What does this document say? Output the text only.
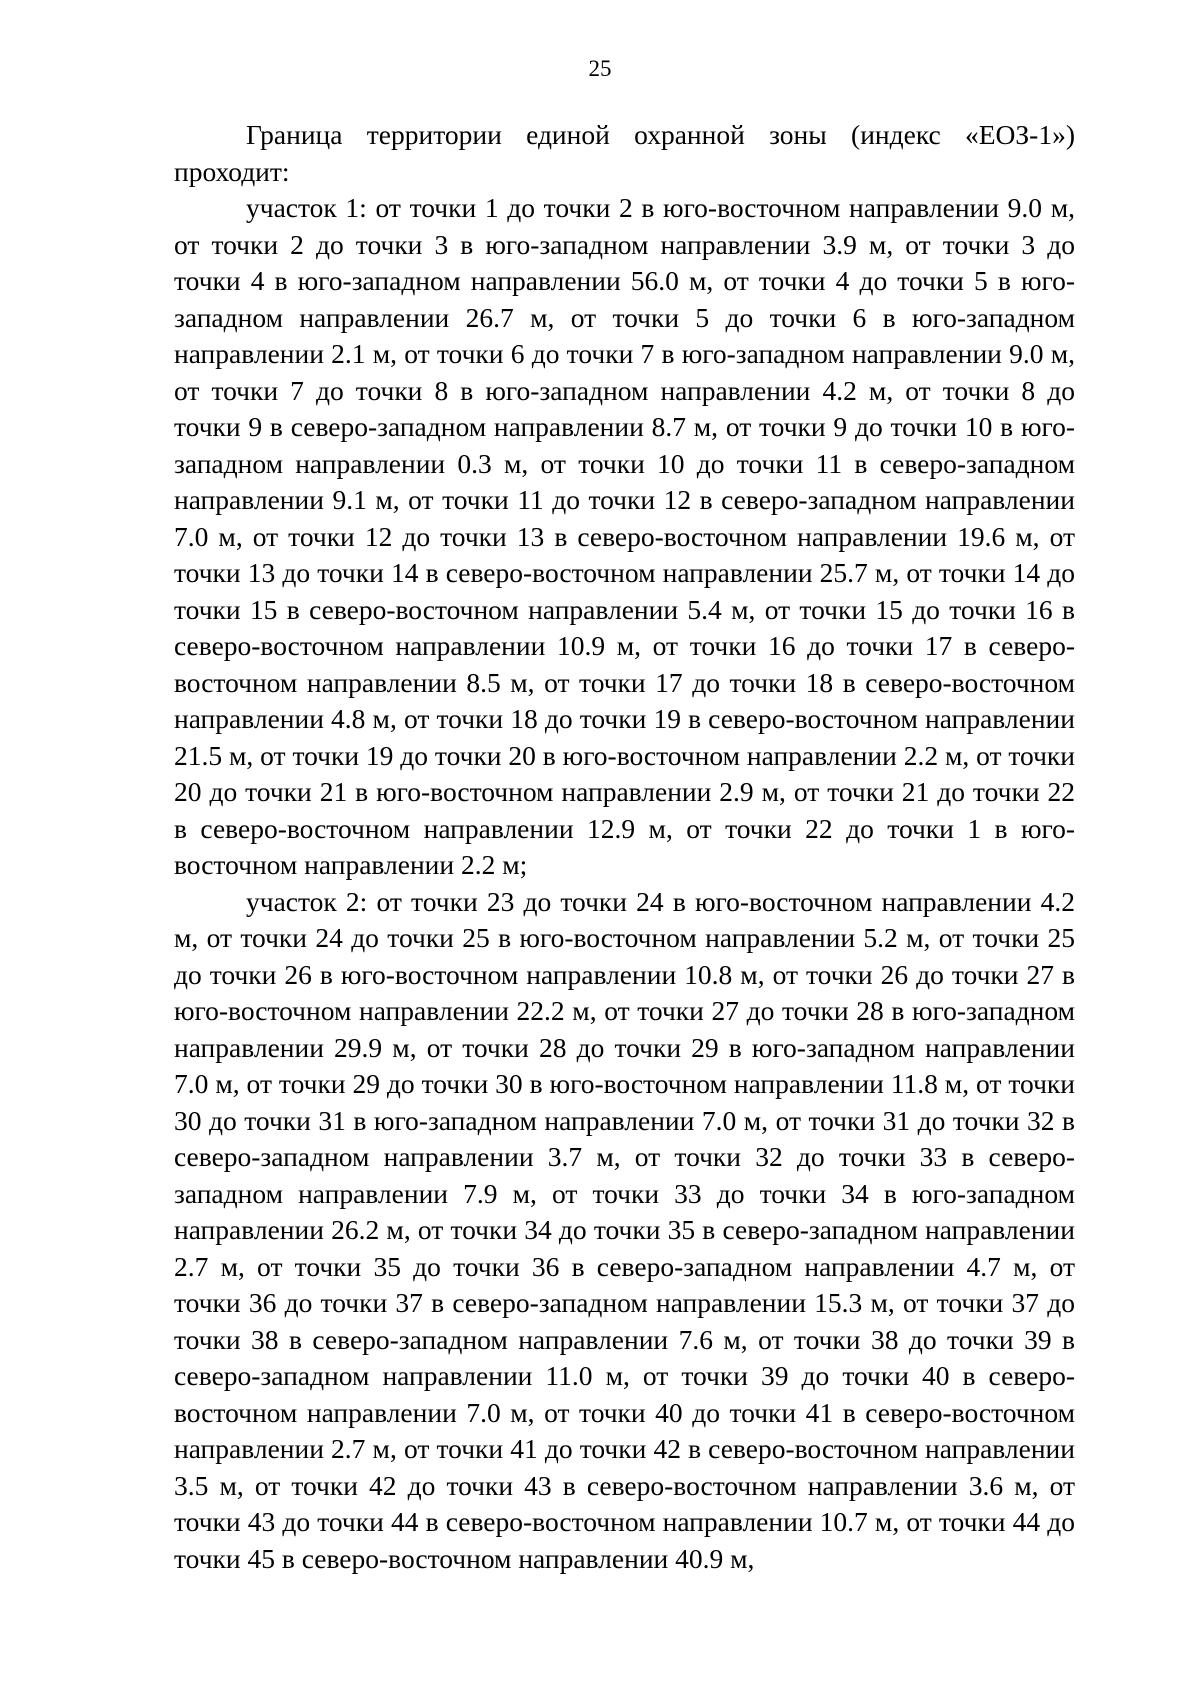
25

Граница территории единой охранной зоны (индекс «ЕОЗ-1») проходит:

участок 1: от точки 1 до точки 2 в юго-восточном направлении 9.0 м, от точки 2 до точки 3 в юго-западном направлении 3.9 м, от точки 3 до точки 4 в юго-западном направлении 56.0 м, от точки 4 до точки 5 в юго-западном направлении 26.7 м, от точки 5 до точки 6 в юго-западном направлении 2.1 м, от точки 6 до точки 7 в юго-западном направлении 9.0 м, от точки 7 до точки 8 в юго-западном направлении 4.2 м, от точки 8 до точки 9 в северо-западном направлении 8.7 м, от точки 9 до точки 10 в юго-западном направлении 0.3 м, от точки 10 до точки 11 в северо-западном направлении 9.1 м, от точки 11 до точки 12 в северо-западном направлении 7.0 м, от точки 12 до точки 13 в северо-восточном направлении 19.6 м, от точки 13 до точки 14 в северо-восточном направлении 25.7 м, от точки 14 до точки 15 в северо-восточном направлении 5.4 м, от точки 15 до точки 16 в северо-восточном направлении 10.9 м, от точки 16 до точки 17 в северо-восточном направлении 8.5 м, от точки 17 до точки 18 в северо-восточном направлении 4.8 м, от точки 18 до точки 19 в северо-восточном направлении 21.5 м, от точки 19 до точки 20 в юго-восточном направлении 2.2 м, от точки 20 до точки 21 в юго-восточном направлении 2.9 м, от точки 21 до точки 22 в северо-восточном направлении 12.9 м, от точки 22 до точки 1 в юго-восточном направлении 2.2 м;

участок 2: от точки 23 до точки 24 в юго-восточном направлении 4.2 м, от точки 24 до точки 25 в юго-восточном направлении 5.2 м, от точки 25 до точки 26 в юго-восточном направлении 10.8 м, от точки 26 до точки 27 в юго-восточном направлении 22.2 м, от точки 27 до точки 28 в юго-западном направлении 29.9 м, от точки 28 до точки 29 в юго-западном направлении 7.0 м, от точки 29 до точки 30 в юго-восточном направлении 11.8 м, от точки 30 до точки 31 в юго-западном направлении 7.0 м, от точки 31 до точки 32 в северо-западном направлении 3.7 м, от точки 32 до точки 33 в северо-западном направлении 7.9 м, от точки 33 до точки 34 в юго-западном направлении 26.2 м, от точки 34 до точки 35 в северо-западном направлении 2.7 м, от точки 35 до точки 36 в северо-западном направлении 4.7 м, от точки 36 до точки 37 в северо-западном направлении 15.3 м, от точки 37 до точки 38 в северо-западном направлении 7.6 м, от точки 38 до точки 39 в северо-западном направлении 11.0 м, от точки 39 до точки 40 в северо-восточном направлении 7.0 м, от точки 40 до точки 41 в северо-восточном направлении 2.7 м, от точки 41 до точки 42 в северо-восточном направлении 3.5 м, от точки 42 до точки 43 в северо-восточном направлении 3.6 м, от точки 43 до точки 44 в северо-восточном направлении 10.7 м, от точки 44 до точки 45 в северо-восточном направлении 40.9 м,
